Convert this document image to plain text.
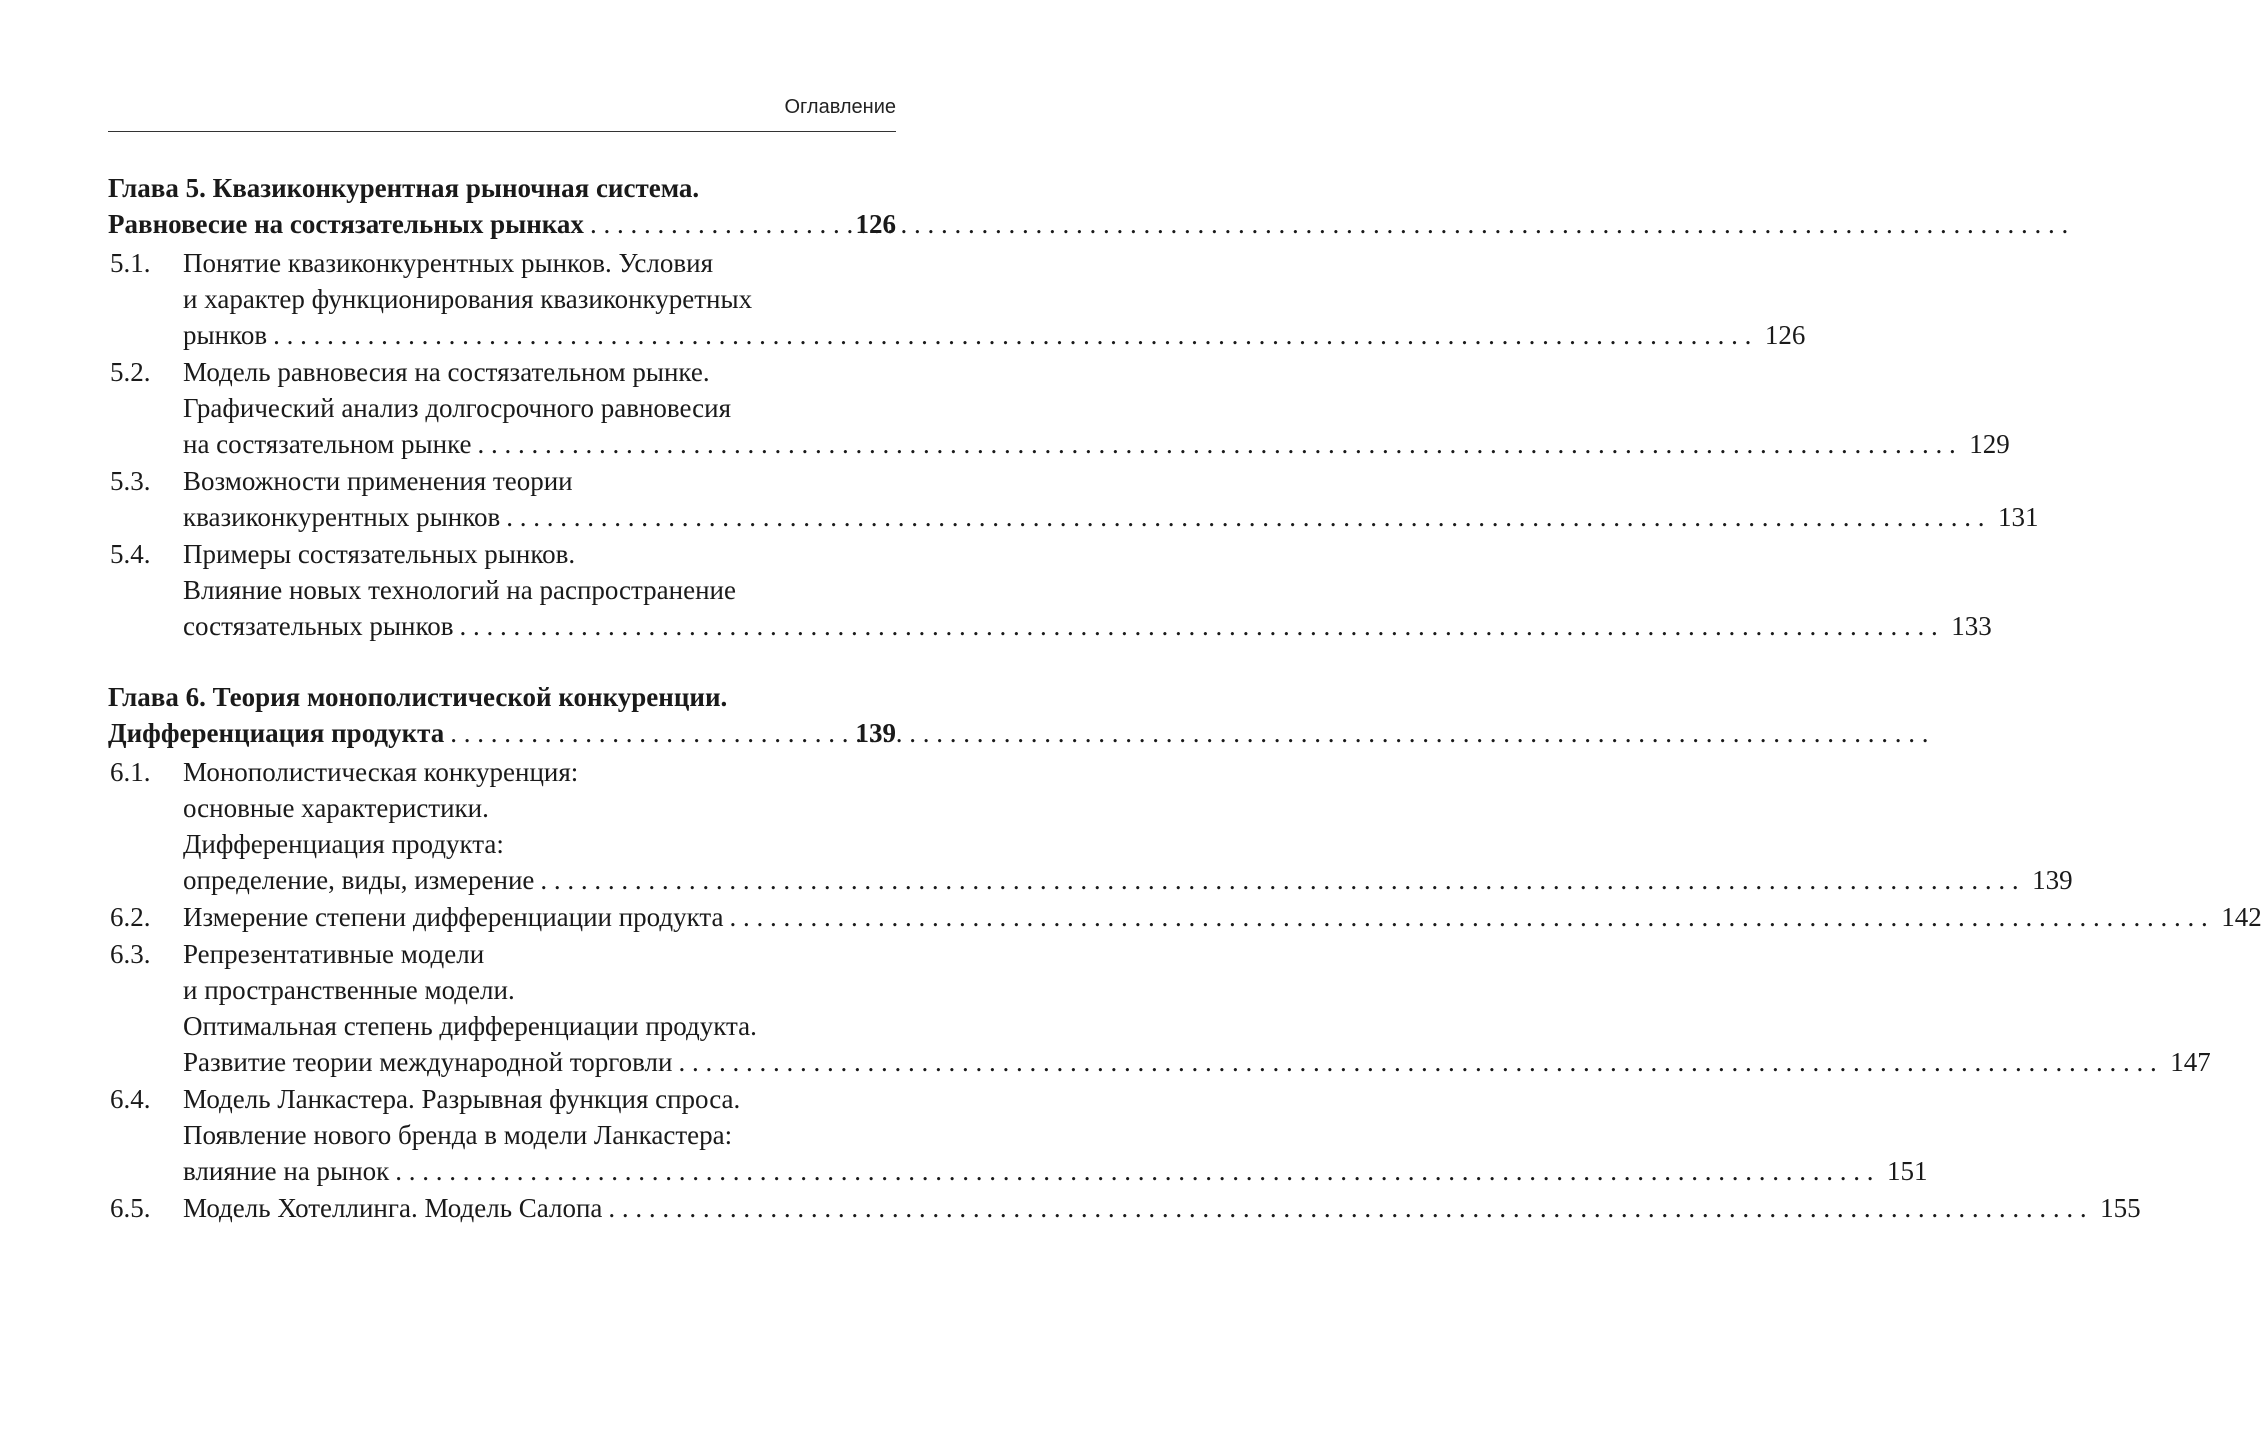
Оглавление
Глава 5. Квазиконкурентная рыночная система.
Равновесие на состязательных рынках . . .	126
5.1.	Понятие квазиконкурентных рынков. Условия
и характер функционирования квазиконкуретных
рынков . . .	126
5.2.	Модель равновесия на состязательном рынке.
Графический анализ долгосрочного равновесия
на состязательном рынке . . .	129
5.3.	Возможности применения теории
квазиконкурентных рынков . . .	131
5.4.	Примеры состязательных рынков.
Влияние новых технологий на распространение
состязательных рынков . . .	133
Глава 6. Теория монополистической конкуренции.
Дифференциация продукта . . .	139
6.1.	Монополистическая конкуренция:
основные характеристики.
Дифференциация продукта:
определение, виды, измерение . . .	139
6.2.	Измерение степени дифференциации продукта . . .	142
6.3.	Репрезентативные модели
и пространственные модели.
Оптимальная степень дифференциации продукта.
Развитие теории международной торговли . . .	147
6.4.	Модель Ланкастера. Разрывная функция спроса.
Появление нового бренда в модели Ланкастера:
влияние на рынок . . .	151
6.5.	Модель Хотеллинга. Модель Салопа . . .	155
